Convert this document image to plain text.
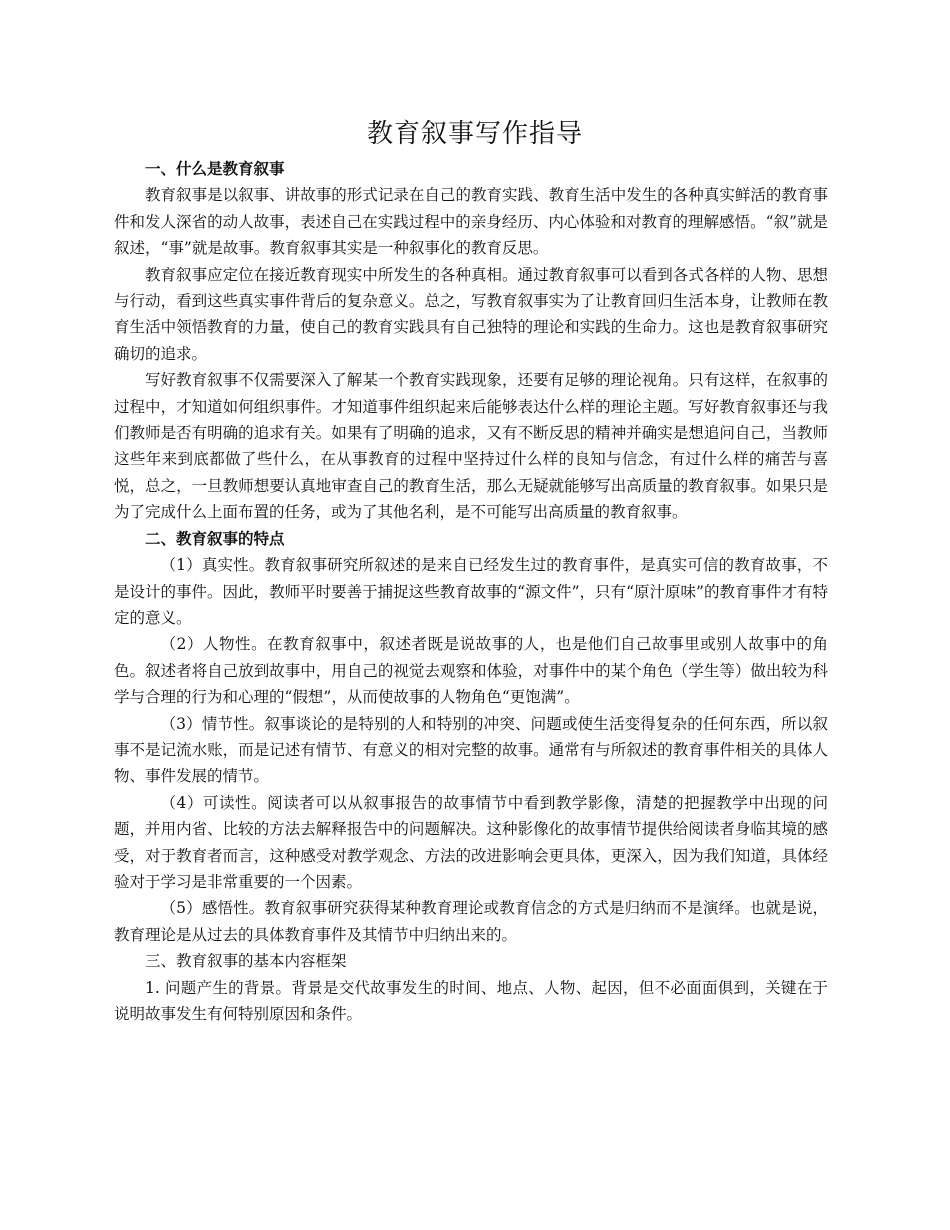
教育叙事写作指导

一、什么是教育叙事

教育叙事是以叙事、讲故事的形式记录在自己的教育实践、教育生活中发生的各种真实鲜活的教育事件和发人深省的动人故事，表述自己在实践过程中的亲身经历、内心体验和对教育的理解感悟。“叙”就是叙述，“事”就是故事。教育叙事其实是一种叙事化的教育反思。

教育叙事应定位在接近教育现实中所发生的各种真相。通过教育叙事可以看到各式各样的人物、思想与行动，看到这些真实事件背后的复杂意义。总之，写教育叙事实为了让教育回归生活本身，让教师在教育生活中领悟教育的力量，使自己的教育实践具有自己独特的理论和实践的生命力。这也是教育叙事研究确切的追求。

写好教育叙事不仅需要深入了解某一个教育实践现象，还要有足够的理论视角。只有这样，在叙事的过程中，才知道如何组织事件。才知道事件组织起来后能够表达什么样的理论主题。写好教育叙事还与我们教师是否有明确的追求有关。如果有了明确的追求，又有不断反思的精神并确实是想追问自己，当教师这些年来到底都做了些什么，在从事教育的过程中坚持过什么样的良知与信念，有过什么样的痛苦与喜悦，总之，一旦教师想要认真地审查自己的教育生活，那么无疑就能够写出高质量的教育叙事。如果只是为了完成什么上面布置的任务，或为了其他名利，是不可能写出高质量的教育叙事。

二、教育叙事的特点

（1）真实性。教育叙事研究所叙述的是来自已经发生过的教育事件，是真实可信的教育故事，不是设计的事件。因此，教师平时要善于捕捉这些教育故事的“源文件”，只有“原汁原味”的教育事件才有特定的意义。

（2）人物性。在教育叙事中，叙述者既是说故事的人，也是他们自己故事里或别人故事中的角色。叙述者将自己放到故事中，用自己的视觉去观察和体验，对事件中的某个角色（学生等）做出较为科学与合理的行为和心理的“假想”，从而使故事的人物角色“更饱满”。

（3）情节性。叙事谈论的是特别的人和特别的冲突、问题或使生活变得复杂的任何东西，所以叙事不是记流水账，而是记述有情节、有意义的相对完整的故事。通常有与所叙述的教育事件相关的具体人物、事件发展的情节。

（4）可读性。阅读者可以从叙事报告的故事情节中看到教学影像，清楚的把握教学中出现的问题，并用内省、比较的方法去解释报告中的问题解决。这种影像化的故事情节提供给阅读者身临其境的感受，对于教育者而言，这种感受对教学观念、方法的改进影响会更具体，更深入，因为我们知道，具体经验对于学习是非常重要的一个因素。

（5）感悟性。教育叙事研究获得某种教育理论或教育信念的方式是归纳而不是演绎。也就是说，教育理论是从过去的具体教育事件及其情节中归纳出来的。

三、教育叙事的基本内容框架

1. 问题产生的背景。背景是交代故事发生的时间、地点、人物、起因，但不必面面俱到，关键在于说明故事发生有何特别原因和条件。
